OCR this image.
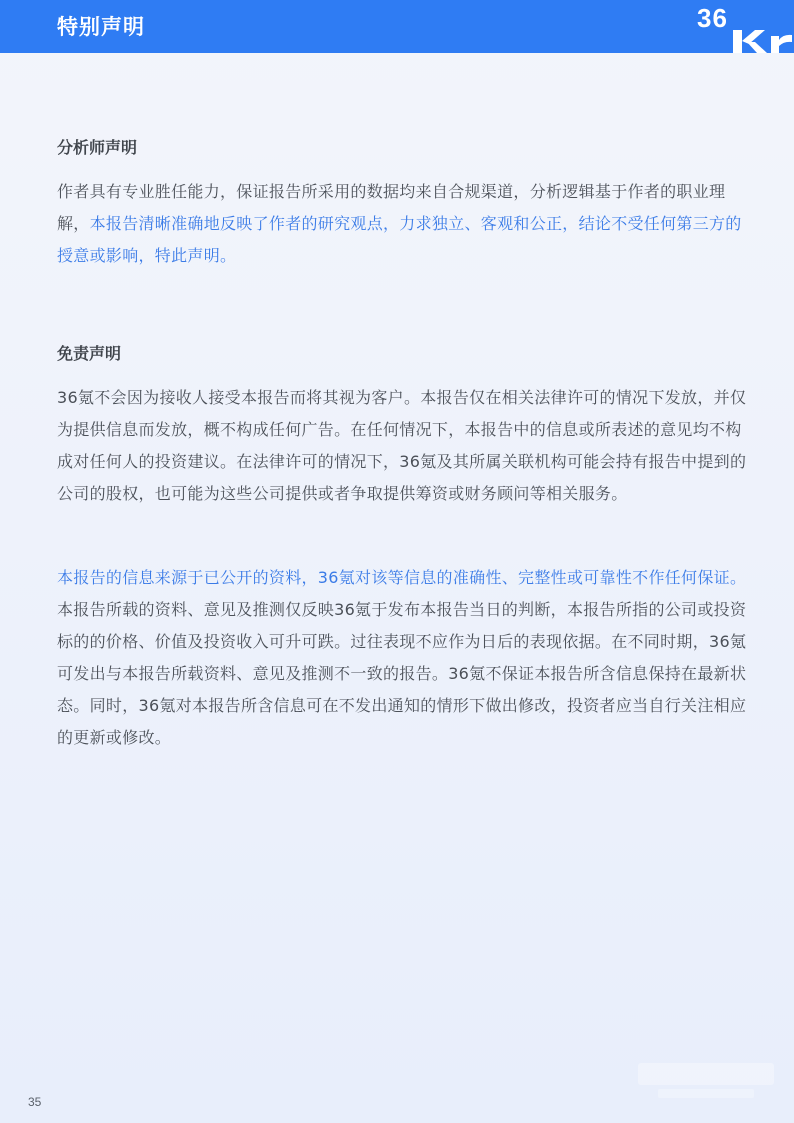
特别声明	36
分析师声明

作者具有专业胜任能力，保证报告所采用的数据均来自合规渠道，分析逻辑基于作者的职业理解，本报告清晰准确地反映了作者的研究观点，力求独立、客观和公正，结论不受任何第三方的授意或影响，特此声明。

免责声明

36氪不会因为接收人接受本报告而将其视为客户。本报告仅在相关法律许可的情况下发放，并仅为提供信息而发放，概不构成任何广告。在任何情况下，本报告中的信息或所表述的意见均不构成对任何人的投资建议。在法律许可的情况下，36氪及其所属关联机构可能会持有报告中提到的公司的股权，也可能为这些公司提供或者争取提供筹资或财务顾问等相关服务。

本报告的信息来源于已公开的资料，36氪对该等信息的准确性、完整性或可靠性不作任何保证。本报告所载的资料、意见及推测仅反映36氪于发布本报告当日的判断，本报告所指的公司或投资标的的价格、价值及投资收入可升可跌。过往表现不应作为日后的表现依据。在不同时期，36氪可发出与本报告所载资料、意见及推测不一致的报告。36氪不保证本报告所含信息保持在最新状态。同时，36氪对本报告所含信息可在不发出通知的情形下做出修改，投资者应当自行关注相应的更新或修改。

35
